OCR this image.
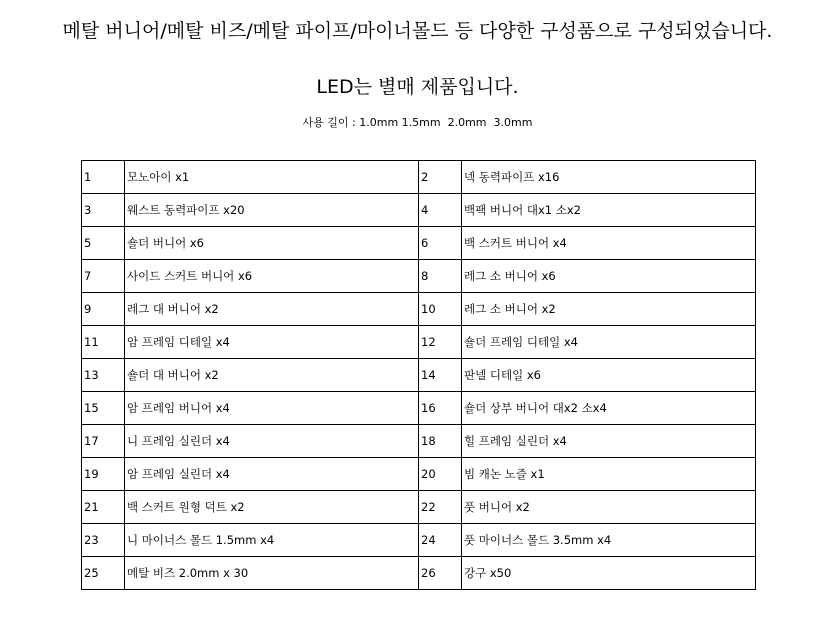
메탈 버니어/메탈 비즈/메탈 파이프/마이너몰드 등 다양한 구성품으로 구성되었습니다.
LED는 별매 제품입니다.
사용 길이 : 1.0mm 1.5mm  2.0mm  3.0mm
1	모노아이 x1	2	넥 동력파이프 x16
3	웨스트 동력파이프 x20	4	백팩 버니어 대x1 소x2
5	숄더 버니어 x6	6	백 스커트 버니어 x4
7	사이드 스커트 버니어 x6	8	레그 소 버니어 x6
9	레그 대 버니어 x2	10	레그 소 버니어 x2
11	암 프레임 디테일 x4	12	숄더 프레임 디테일 x4
13	숄더 대 버니어 x2	14	판넬 디테일 x6
15	암 프레임 버니어 x4	16	숄더 상부 버니어 대x2 소x4
17	니 프레임 실린더 x4	18	힐 프레임 실린더 x4
19	암 프레임 실린더 x4	20	빔 캐논 노즐 x1
21	백 스커트 원형 덕트 x2	22	풋 버니어 x2
23	니 마이너스 몰드 1.5mm x4	24	풋 마이너스 몰드 3.5mm x4
25	메탈 비즈 2.0mm x 30	26	강구 x50
